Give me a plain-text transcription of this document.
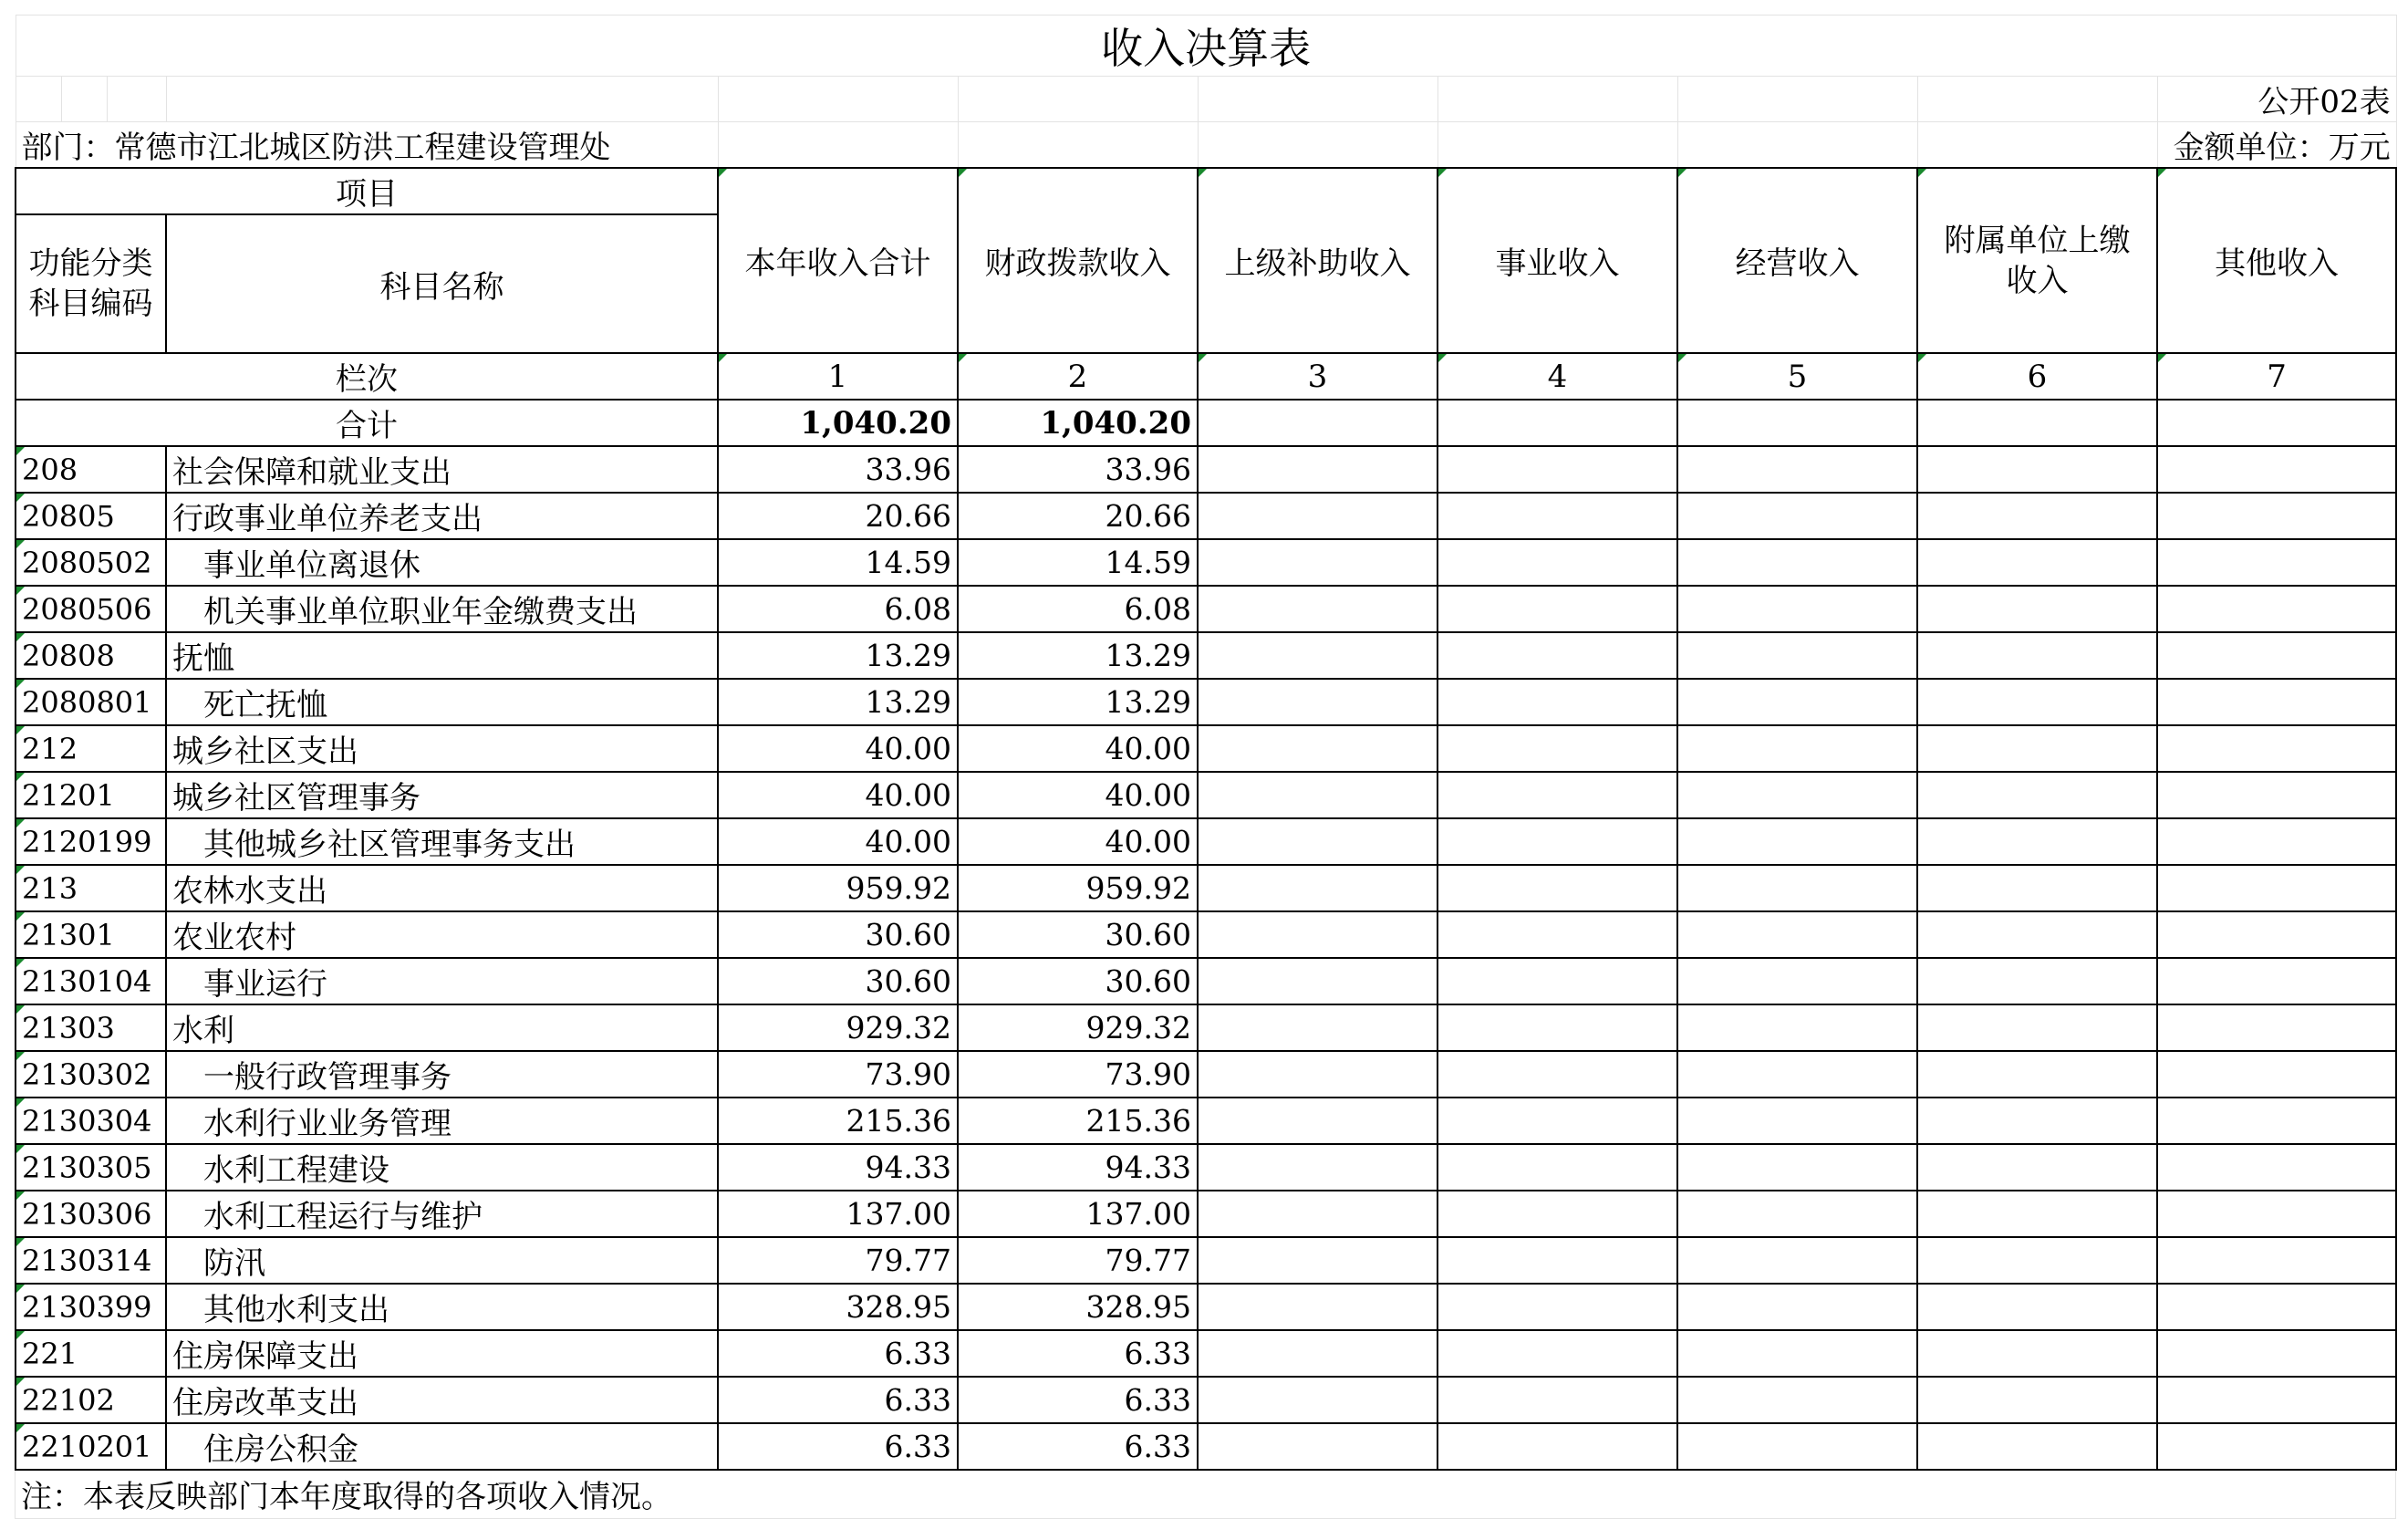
收入决算表										
										公开02表
部门：常德市江北城区防洪工程建设管理处										金额单位：万元
项目				本年收入合计	财政拨款收入	上级补助收入	事业收入	经营收入	附属单位上缴收入	其他收入
功能分类
科目编码			科目名称							
栏次				1	2	3	4	5	6	7
合计				1,040.20	1,040.20					
208			社会保障和就业支出	33.96	33.96					
20805			行政事业单位养老支出	20.66	20.66					
2080502			事业单位离退休	14.59	14.59					
2080506			机关事业单位职业年金缴费支出	6.08	6.08					
20808			抚恤	13.29	13.29					
2080801			死亡抚恤	13.29	13.29					
212			城乡社区支出	40.00	40.00					
21201			城乡社区管理事务	40.00	40.00					
2120199			其他城乡社区管理事务支出	40.00	40.00					
213			农林水支出	959.92	959.92					
21301			农业农村	30.60	30.60					
2130104			事业运行	30.60	30.60					
21303			水利	929.32	929.32					
2130302			一般行政管理事务	73.90	73.90					
2130304			水利行业业务管理	215.36	215.36					
2130305			水利工程建设	94.33	94.33					
2130306			水利工程运行与维护	137.00	137.00					
2130314			防汛	79.77	79.77					
2130399			其他水利支出	328.95	328.95					
221			住房保障支出	6.33	6.33					
22102			住房改革支出	6.33	6.33					
2210201			住房公积金	6.33	6.33					
注：本表反映部门本年度取得的各项收入情况。
